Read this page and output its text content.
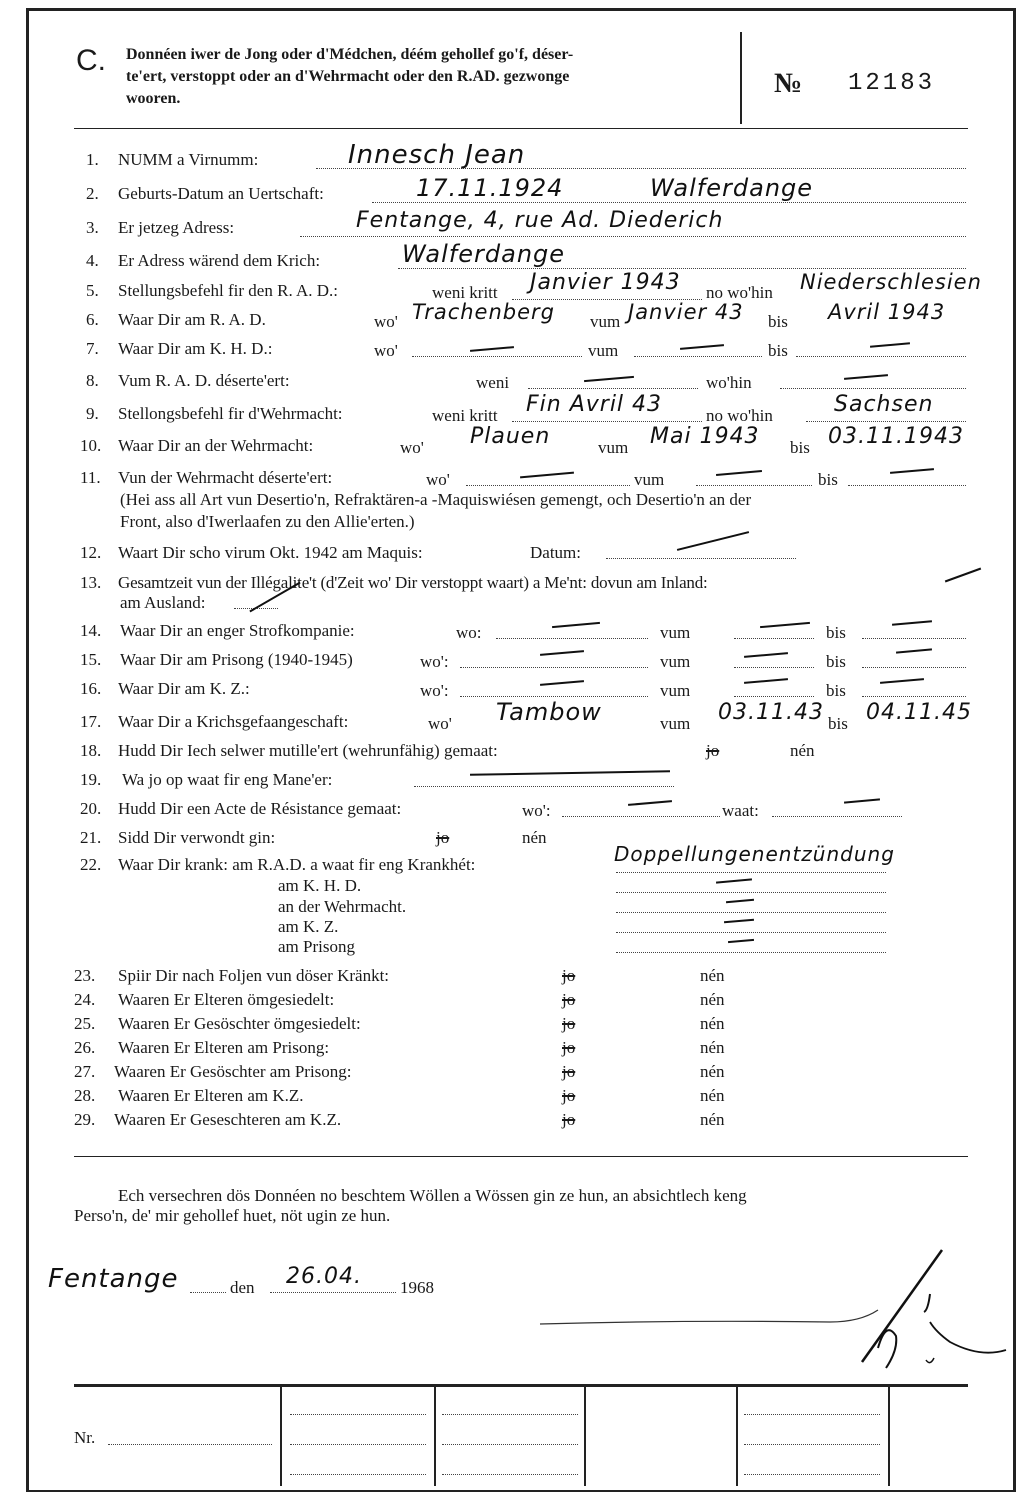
C. Donnéen iwer de Jong oder d'Médchen, déém gehollef go'f, déser-
te'ert, verstoppt oder an d'Wehrmacht oder den R.AD. gezwonge
wooren.	№ 12183
1. NUMM a Virnumm:	Innesch Jean
2. Geburts-Datum an Uertschaft:	17.11.1924	Walferdange
3. Er jetzeg Adress:	Fentange, 4, rue Ad. Diederich
4. Er Adress wärend dem Krich:	Walferdange
5. Stellungsbefehl fir den R. A. D.:	weni kritt Janvier 1943 no wo'hin Niederschlesien
6. Waar Dir am R. A. D.	wo' Trachenberg vum Janvier 43 bis Avril 1943
7. Waar Dir am K. H. D.:	wo'	vum	bis
8. Vum R. A. D. déserte'ert:	weni	wo'hin
9. Stellongsbefehl fir d'Wehrmacht:	weni kritt Fin Avril 43	no wo'hin	Sachsen
10. Waar Dir an der Wehrmacht:	wo' Plauen	vum Mai 1943 bis 03.11.1943
11. Vun der Wehrmacht déserte'ert:	wo'	vum	bis
(Hei ass all Art vun Desertio'n, Refraktären-a -Maquiswiésen gemengt, och Desertio'n an der
Front, also d'Iwerlaafen zu den Allie'erten.)
12. Waart Dir scho virum Okt. 1942 am Maquis:	Datum:
13. Gesamtzeit vun der Illégalite't (d'Zeit wo' Dir verstoppt waart) a Me'nt: dovun am Inland:
am Ausland:
14. Waar Dir an enger Strofkompanie:	wo:	vum	bis
15. Waar Dir am Prisong (1940-1945)	wo':	vum	bis
16. Waar Dir am K. Z.:	wo':	vum	bis
17. Waar Dir a Krichsgefaangeschaft:	wo' Tambow	vum 03.11.43 bis 04.11.45
18. Hudd Dir Iech selwer mutille'ert (wehrunfähig) gemaat:	jo	nén
19. Wa jo op waat fir eng Mane'er:
20. Hudd Dir een Acte de Résistance gemaat:	wo':	waat:
21. Sidd Dir verwondt gin:	jo	nén
22. Waar Dir krank: am R.A.D. a waat fir eng Krankhét:	Doppellungenentzündung
am K. H. D.
an der Wehrmacht.
am K. Z.
am Prisong
23. Spiir Dir nach Foljen vun döser Kränkt:	jo	nén
24. Waaren Er Elteren ömgesiedelt:	jo	nén
25. Waaren Er Gesöschter ömgesiedelt:	jo	nén
26. Waaren Er Elteren am Prisong:	jo	nén
27. Waaren Er Gesöschter am Prisong:	jo	nén
28. Waaren Er Elteren am K.Z.	jo	nén
29. Waaren Er Geseschteren am K.Z.	jo	nén
Ech versechren dös Donnéen no beschtem Wöllen a Wössen gin ze hun, an absichtlech keng
Perso'n, de' mir gehollef huet, nöt ugin ze hun.
Fentange	den 26.04. 1968
Nr.
